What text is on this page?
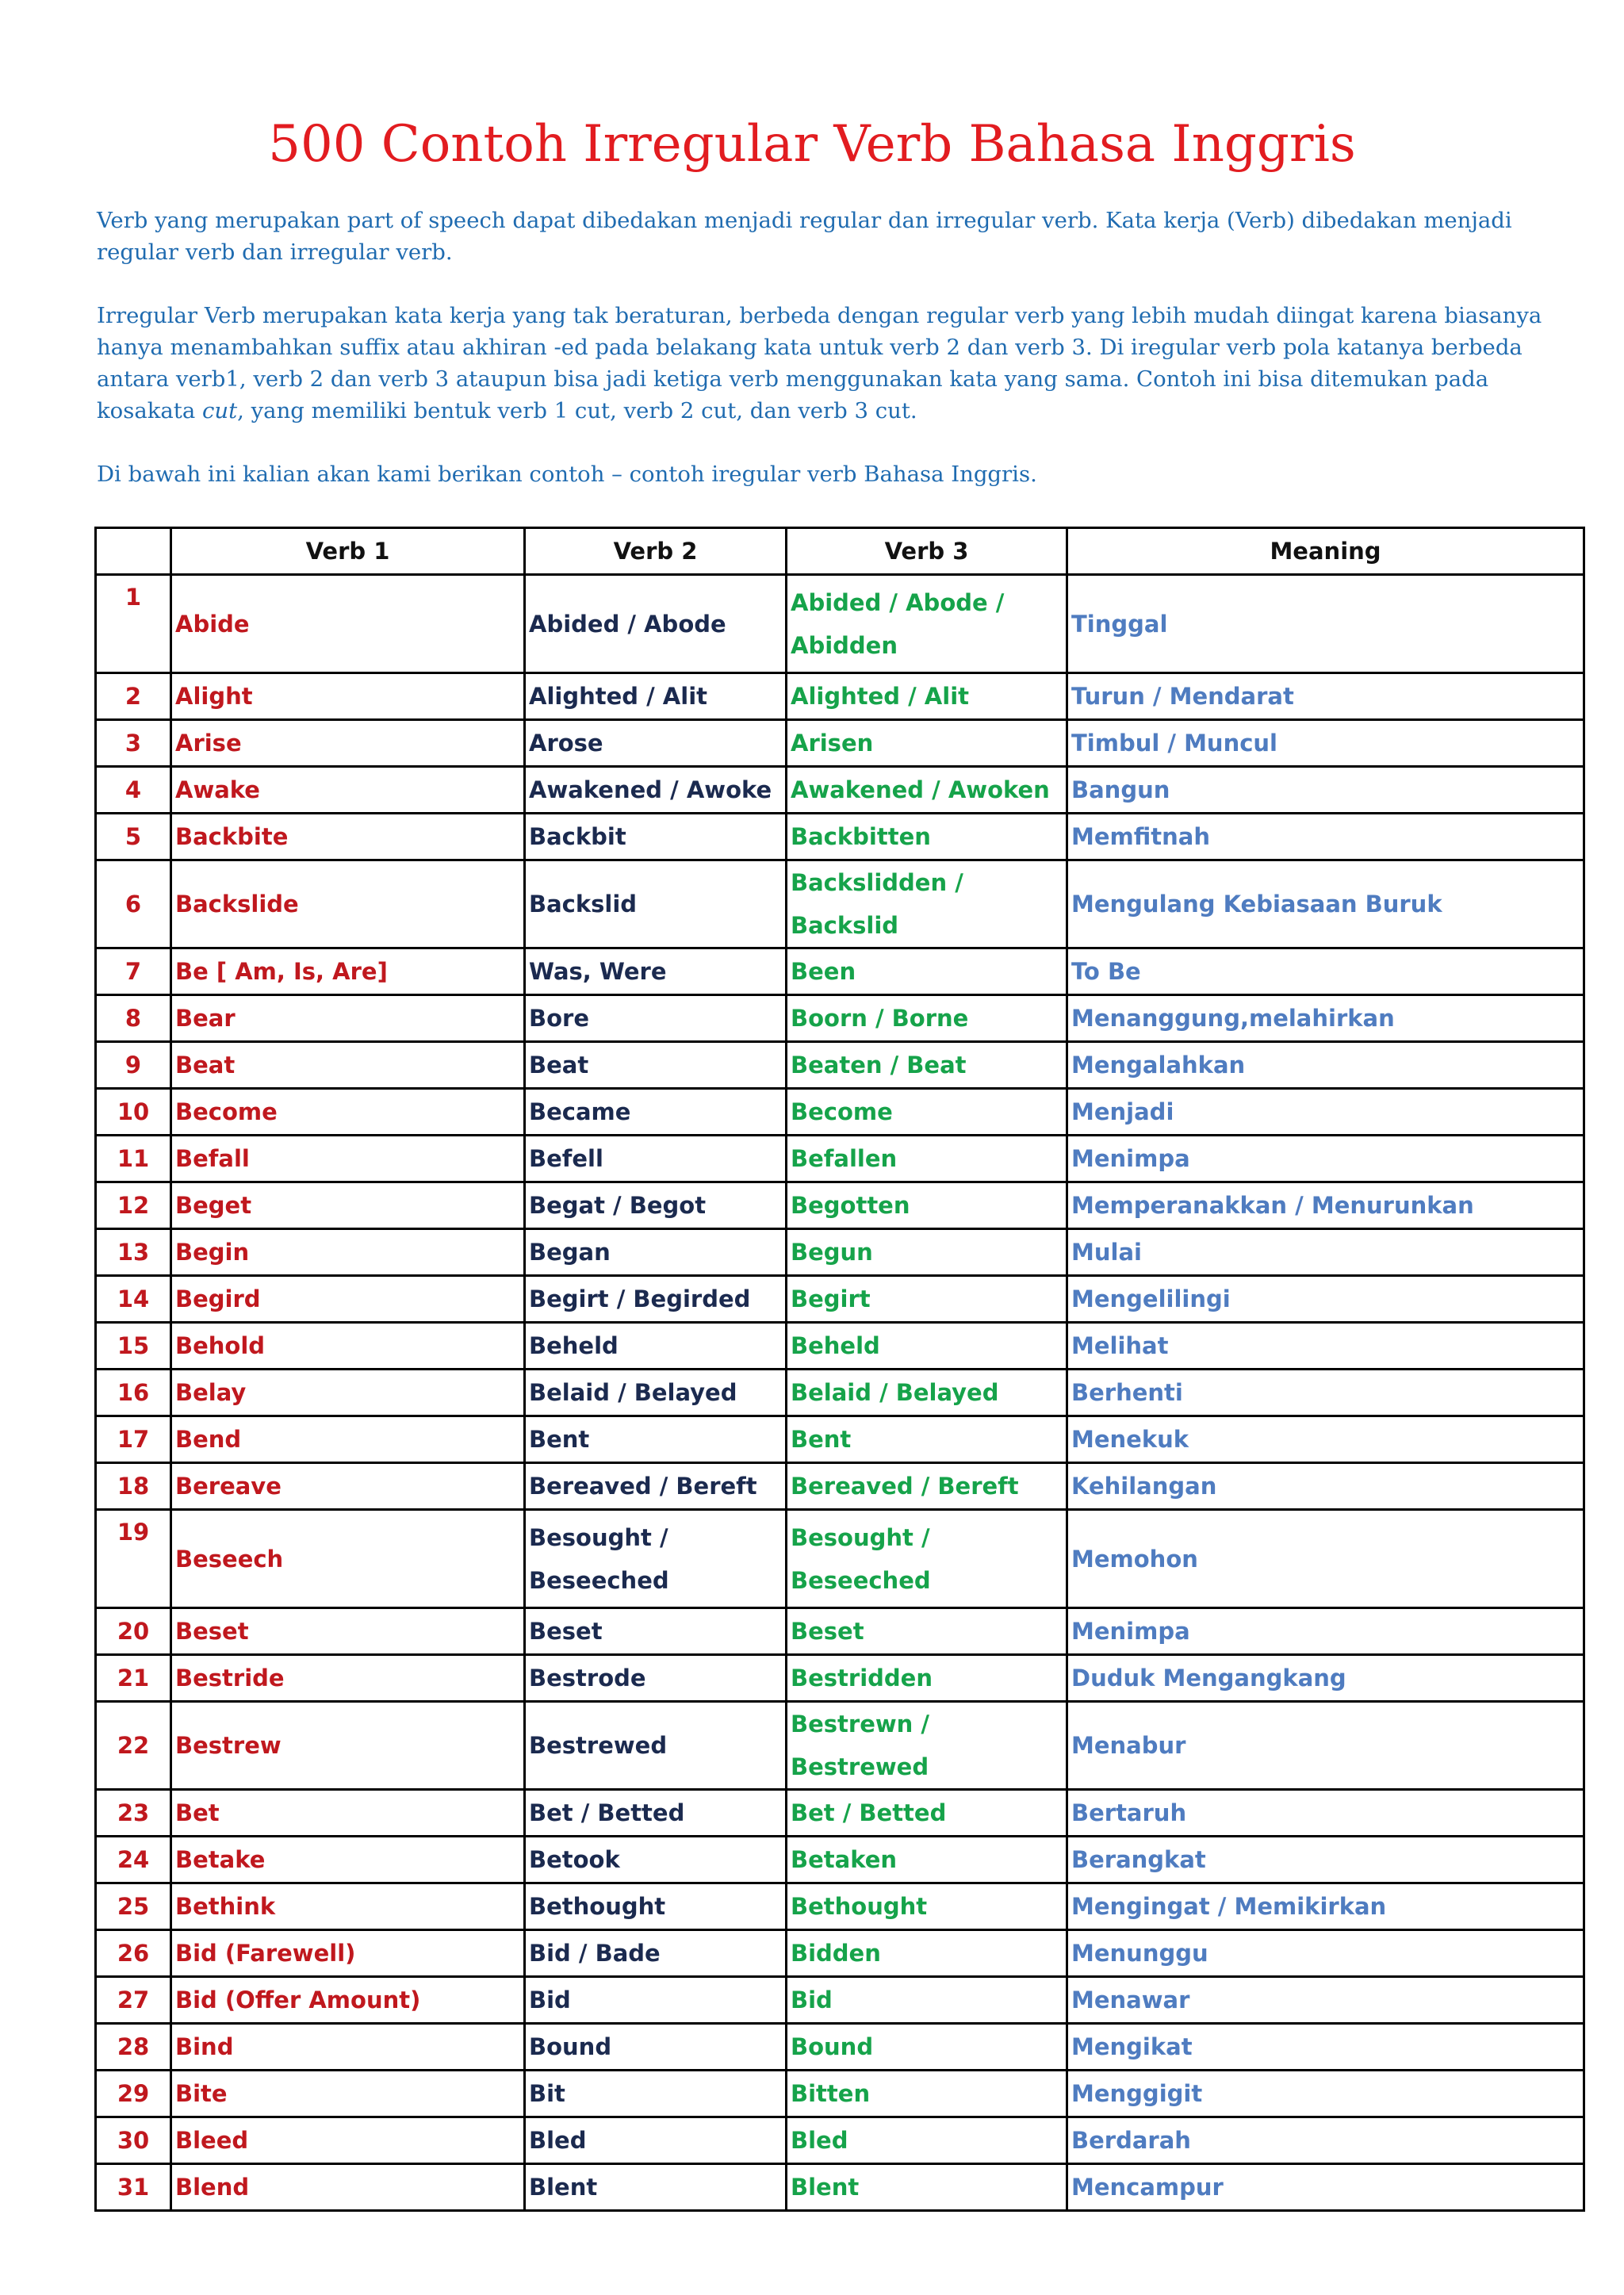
500 Contoh Irregular Verb Bahasa Inggris

Verb yang merupakan part of speech dapat dibedakan menjadi regular dan irregular verb. Kata kerja (Verb) dibedakan menjadi regular verb dan irregular verb.

Irregular Verb merupakan kata kerja yang tak beraturan, berbeda dengan regular verb yang lebih mudah diingat karena biasanya hanya menambahkan suffix atau akhiran -ed pada belakang kata untuk verb 2 dan verb 3. Di iregular verb pola katanya berbeda antara verb1, verb 2 dan verb 3 ataupun bisa jadi ketiga verb menggunakan kata yang sama. Contoh ini bisa ditemukan pada kosakata cut, yang memiliki bentuk verb 1 cut, verb 2 cut, dan verb 3 cut.

Di bawah ini kalian akan kami berikan contoh – contoh iregular verb Bahasa Inggris.

	Verb 1	Verb 2	Verb 3	Meaning
1	Abide	Abided / Abode	Abided / Abode / Abidden	Tinggal
2	Alight	Alighted / Alit	Alighted / Alit	Turun / Mendarat
3	Arise	Arose	Arisen	Timbul / Muncul
4	Awake	Awakened / Awoke	Awakened / Awoken	Bangun
5	Backbite	Backbit	Backbitten	Memfitnah
6	Backslide	Backslid	Backslidden / Backslid	Mengulang Kebiasaan Buruk
7	Be [ Am, Is, Are]	Was, Were	Been	To Be
8	Bear	Bore	Boorn / Borne	Menanggung,melahirkan
9	Beat	Beat	Beaten / Beat	Mengalahkan
10	Become	Became	Become	Menjadi
11	Befall	Befell	Befallen	Menimpa
12	Beget	Begat / Begot	Begotten	Memperanakkan / Menurunkan
13	Begin	Began	Begun	Mulai
14	Begird	Begirt / Begirded	Begirt	Mengelilingi
15	Behold	Beheld	Beheld	Melihat
16	Belay	Belaid / Belayed	Belaid / Belayed	Berhenti
17	Bend	Bent	Bent	Menekuk
18	Bereave	Bereaved / Bereft	Bereaved / Bereft	Kehilangan
19	Beseech	Besought / Beseeched	Besought / Beseeched	Memohon
20	Beset	Beset	Beset	Menimpa
21	Bestride	Bestrode	Bestridden	Duduk Mengangkang
22	Bestrew	Bestrewed	Bestrewn / Bestrewed	Menabur
23	Bet	Bet / Betted	Bet / Betted	Bertaruh
24	Betake	Betook	Betaken	Berangkat
25	Bethink	Bethought	Bethought	Mengingat / Memikirkan
26	Bid (Farewell)	Bid / Bade	Bidden	Menunggu
27	Bid (Offer Amount)	Bid	Bid	Menawar
28	Bind	Bound	Bound	Mengikat
29	Bite	Bit	Bitten	Menggigit
30	Bleed	Bled	Bled	Berdarah
31	Blend	Blent	Blent	Mencampur
